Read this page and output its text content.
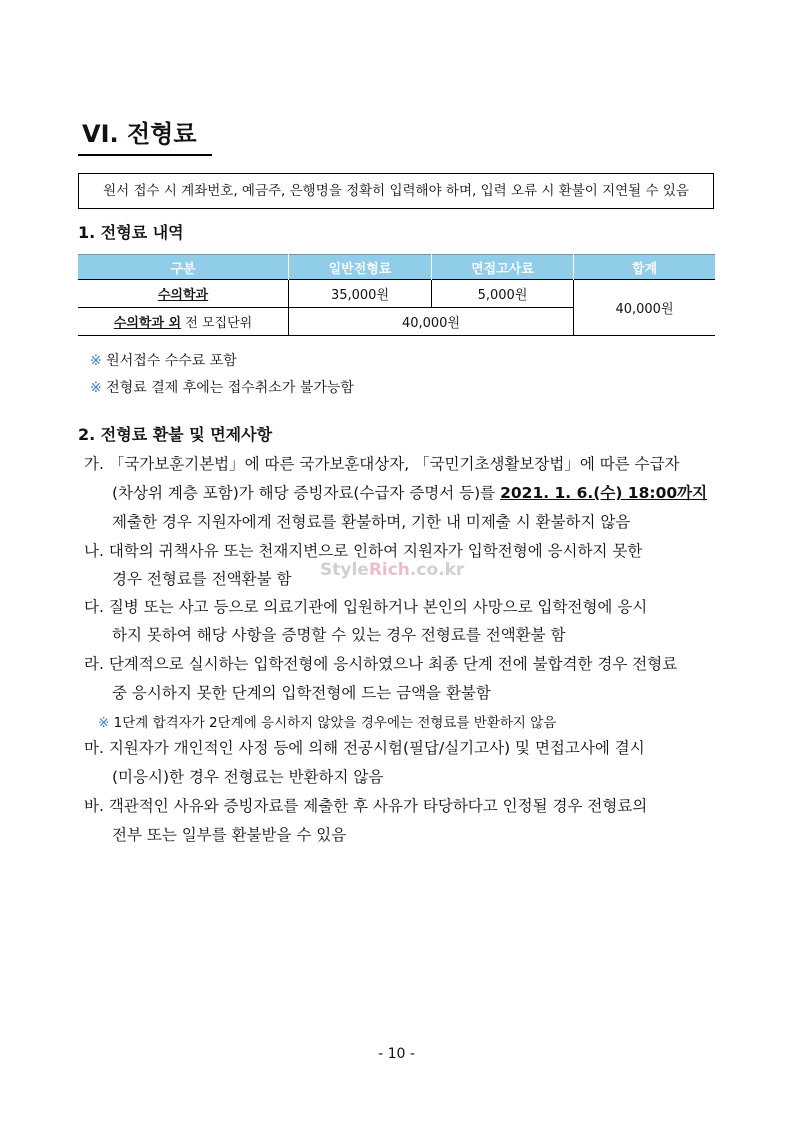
VI. 전형료
원서 접수 시 계좌번호, 예금주, 은행명을 정확히 입력해야 하며, 입력 오류 시 환불이 지연될 수 있음
1. 전형료 내역
구분	일반전형료	면접고사료	합계
수의학과	35,000원	5,000원	40,000원
수의학과 외 전 모집단위	40,000원		
※ 원서접수 수수료 포함
※ 전형료 결제 후에는 접수취소가 불가능함
2. 전형료 환불 및 면제사항
가. 「국가보훈기본법」에 따른 국가보훈대상자, 「국민기초생활보장법」에 따른 수급자
(차상위 계층 포함)가 해당 증빙자료(수급자 증명서 등)를 2021. 1. 6.(수) 18:00까지
제출한 경우 지원자에게 전형료를 환불하며, 기한 내 미제출 시 환불하지 않음
나. 대학의 귀책사유 또는 천재지변으로 인하여 지원자가 입학전형에 응시하지 못한
경우 전형료를 전액환불 함
다. 질병 또는 사고 등으로 의료기관에 입원하거나 본인의 사망으로 입학전형에 응시
하지 못하여 해당 사항을 증명할 수 있는 경우 전형료를 전액환불 함
라. 단계적으로 실시하는 입학전형에 응시하였으나 최종 단계 전에 불합격한 경우 전형료
중 응시하지 못한 단계의 입학전형에 드는 금액을 환불함
※ 1단계 합격자가 2단계에 응시하지 않았을 경우에는 전형료를 반환하지 않음
마. 지원자가 개인적인 사정 등에 의해 전공시험(필답/실기고사) 및 면접고사에 결시
(미응시)한 경우 전형료는 반환하지 않음
바. 객관적인 사유와 증빙자료를 제출한 후 사유가 타당하다고 인정될 경우 전형료의
전부 또는 일부를 환불받을 수 있음
StyleRich.co.kr
- 10 -
